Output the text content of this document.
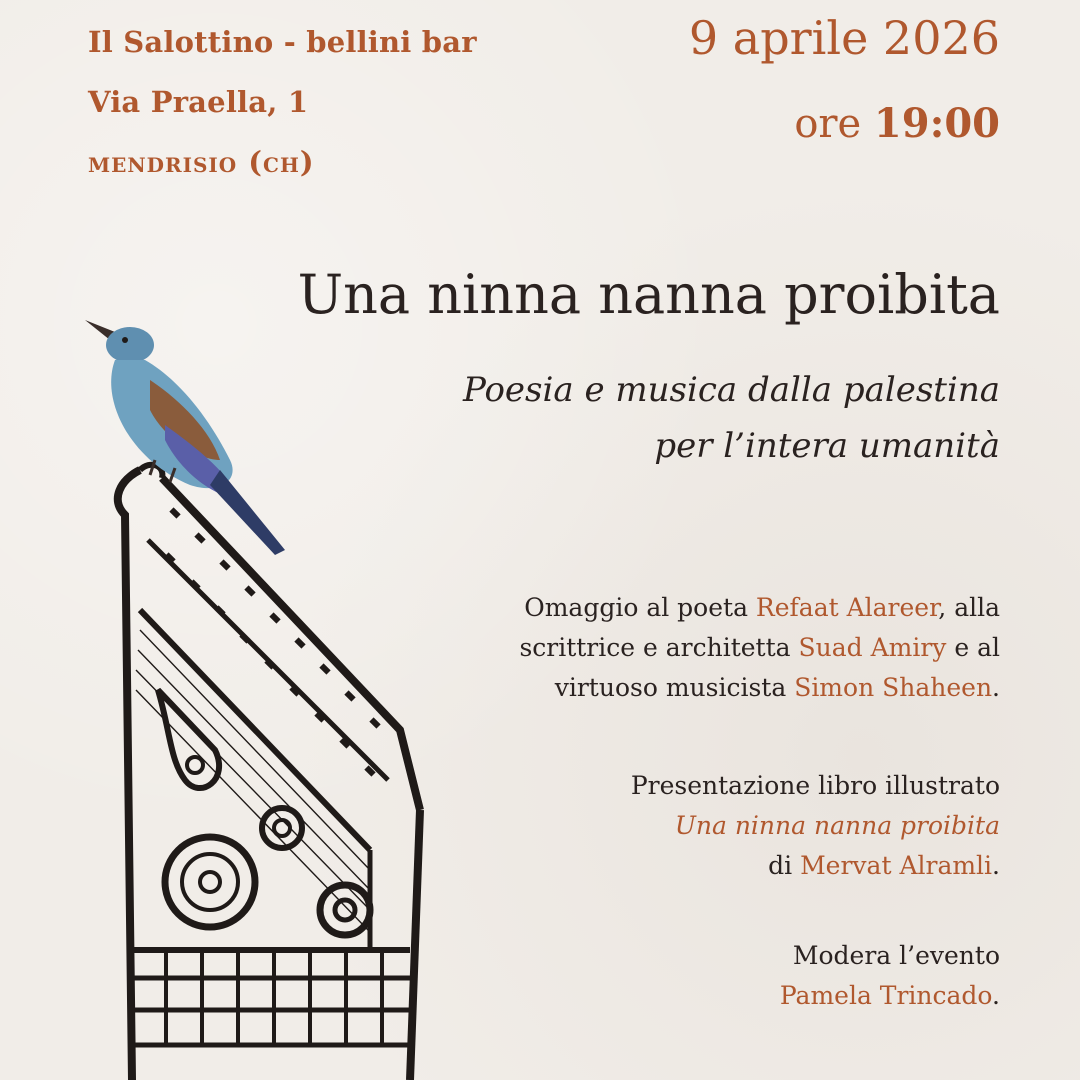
Il Salottino - bellini bar
Via Praella, 1
mendrisio (ch)
9 aprile 2026
ore 19:00
Una ninna nanna proibita
Poesia e musica dalla palestina
per l’intera umanità
Omaggio al poeta Refaat Alareer, alla scrittrice e architetta Suad Amiry e al virtuoso musicista Simon Shaheen.
Presentazione libro illustrato
Una ninna nanna proibita
di Mervat Alramli.
Modera l’evento
Pamela Trincado.
